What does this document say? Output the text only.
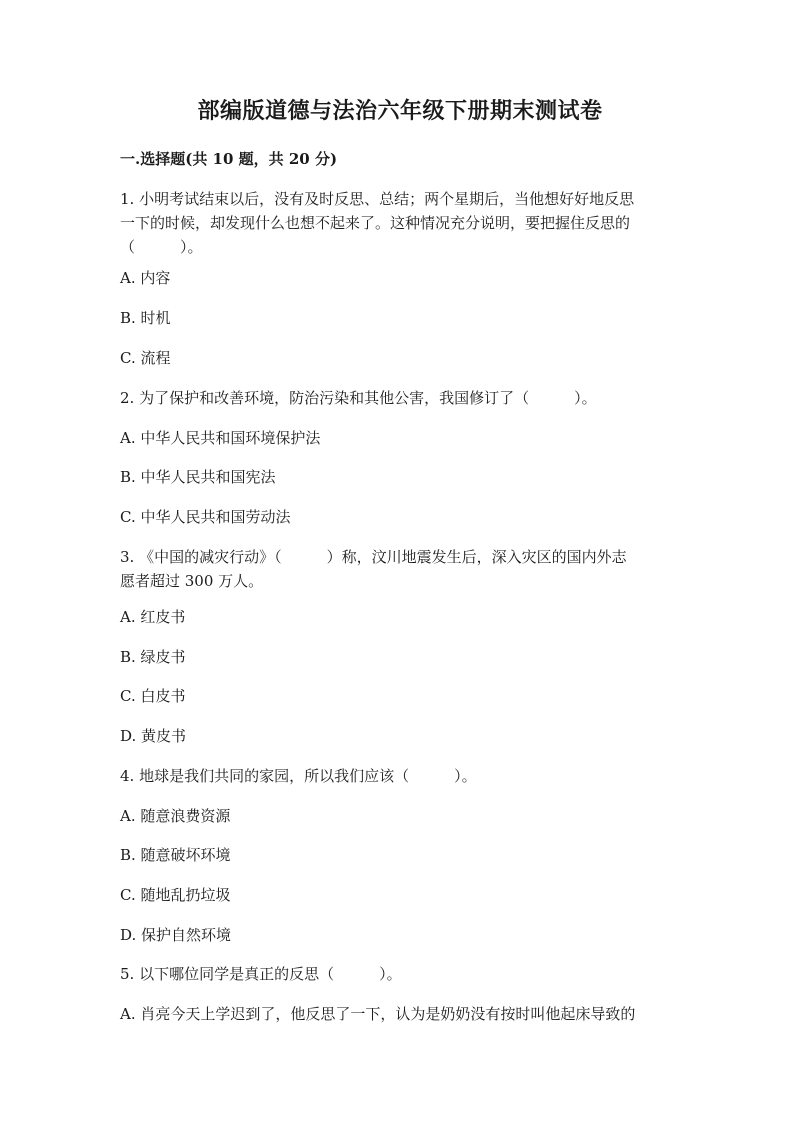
部编版道德与法治六年级下册期末测试卷
一.选择题(共 10 题，共 20 分)
1. 小明考试结束以后，没有及时反思、总结；两个星期后，当他想好好地反思
一下的时候，却发现什么也想不起来了。这种情况充分说明，要把握住反思的
（　　　）。
A. 内容
B. 时机
C. 流程
2. 为了保护和改善环境，防治污染和其他公害，我国修订了（　　　）。
A. 中华人民共和国环境保护法
B. 中华人民共和国宪法
C. 中华人民共和国劳动法
3. 《中国的减灾行动》（　　　）称，汶川地震发生后，深入灾区的国内外志
愿者超过 300 万人。
A. 红皮书
B. 绿皮书
C. 白皮书
D. 黄皮书
4. 地球是我们共同的家园，所以我们应该（　　　）。
A. 随意浪费资源
B. 随意破坏环境
C. 随地乱扔垃圾
D. 保护自然环境
5. 以下哪位同学是真正的反思（　　　）。
A. 肖亮今天上学迟到了，他反思了一下，认为是奶奶没有按时叫他起床导致的
